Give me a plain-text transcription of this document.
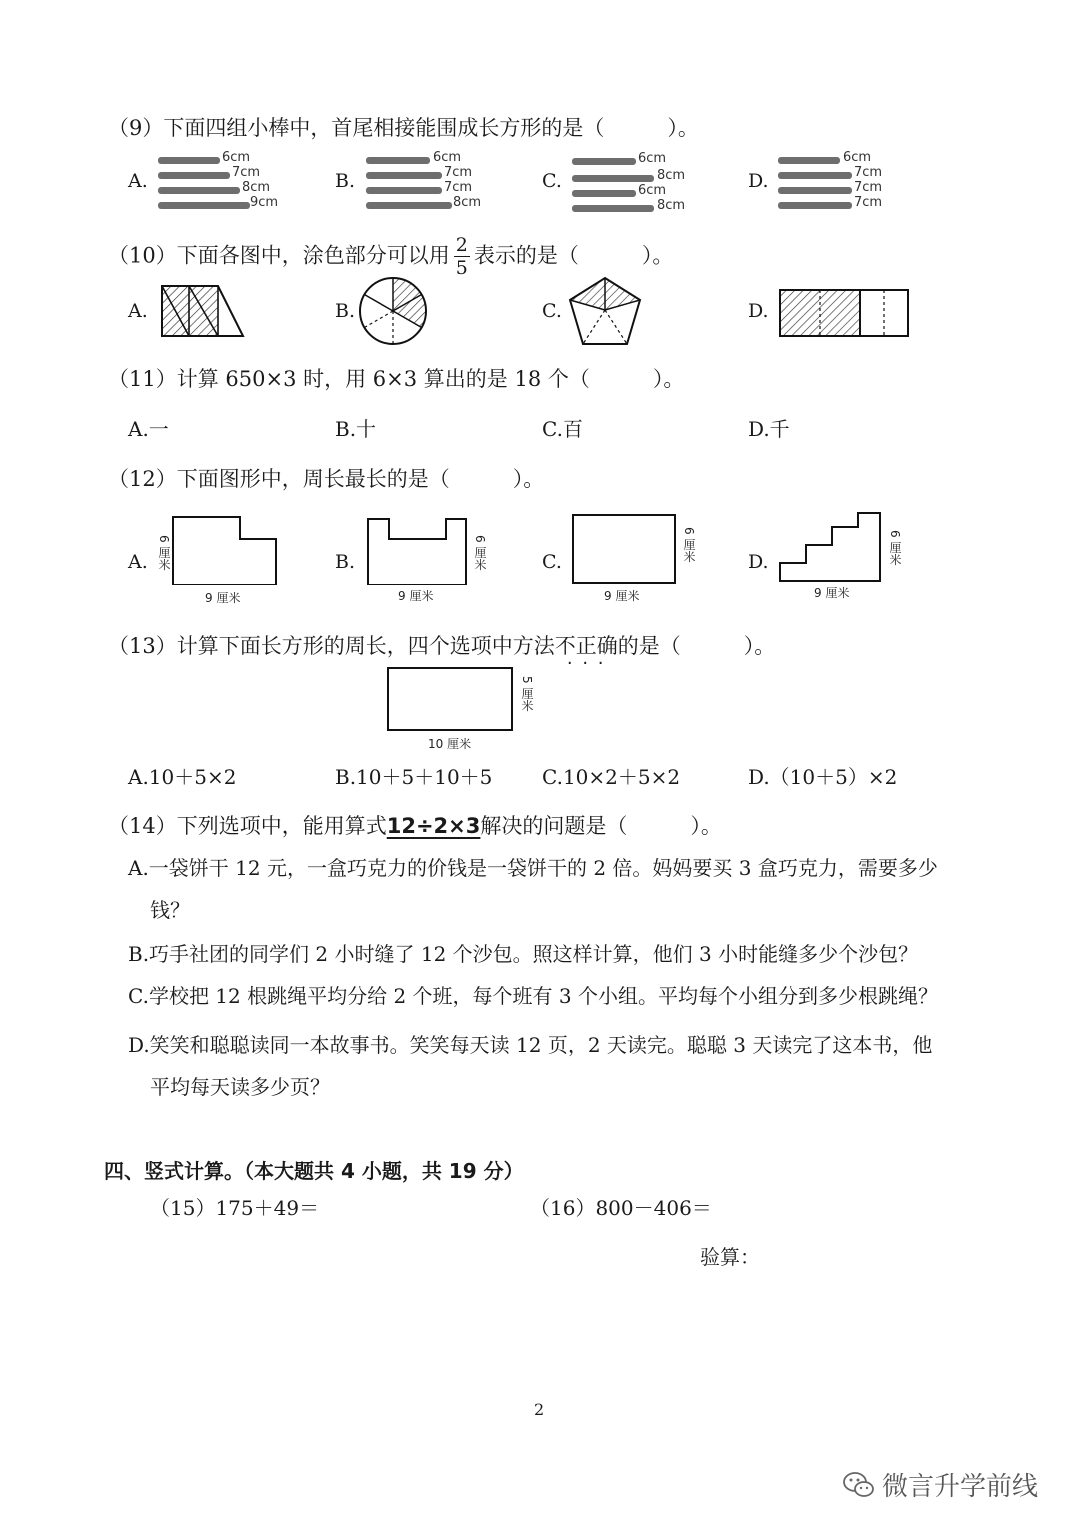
（9）下面四组小棒中，首尾相接能围成长方形的是（　　　）。
A.
6cm
7cm
8cm
9cm
B.
6cm
7cm
7cm
8cm
C.
6cm
8cm
6cm
8cm
D.
6cm
7cm
7cm
7cm
（10）下面各图中，涂色部分可以用 $\frac{2}{5}$ 表示的是（　　　）。
A.	B.	C.	D.
（11）计算 650×3 时，用 6×3 算出的是 18 个（　　　）。
A.一	B.十	C.百	D.千
（12）下面图形中，周长最长的是（　　　）。
A.	B.	C.	D.
6 厘米
9 厘米
6 厘米
9 厘米
6 厘米
9 厘米
6 厘米
9 厘米
（13）计算下面长方形的周长，四个选项中方法不正确 · · ·的是（　　　）。
5 厘米
10 厘米
A.10＋5×2	B.10＋5＋10＋5 C.10×2＋5×2	D.（10＋5）×2
（14）下列选项中，能用算式12÷2×3解决的问题是（　　　）。
A.一袋饼干 12 元，一盒巧克力的价钱是一袋饼干的 2 倍。妈妈要买 3 盒巧克力，需要多少
钱？
B.巧手社团的同学们 2 小时缝了 12 个沙包。照这样计算，他们 3 小时能缝多少个沙包？
C.学校把 12 根跳绳平均分给 2 个班，每个班有 3 个小组。平均每个小组分到多少根跳绳？
D.笑笑和聪聪读同一本故事书。笑笑每天读 12 页，2 天读完。聪聪 3 天读完了这本书，他
平均每天读多少页？
四、竖式计算。（本大题共 4 小题，共 19 分）
（15）175＋49＝	（16）800－406＝
验算：
2
微言升学前线
